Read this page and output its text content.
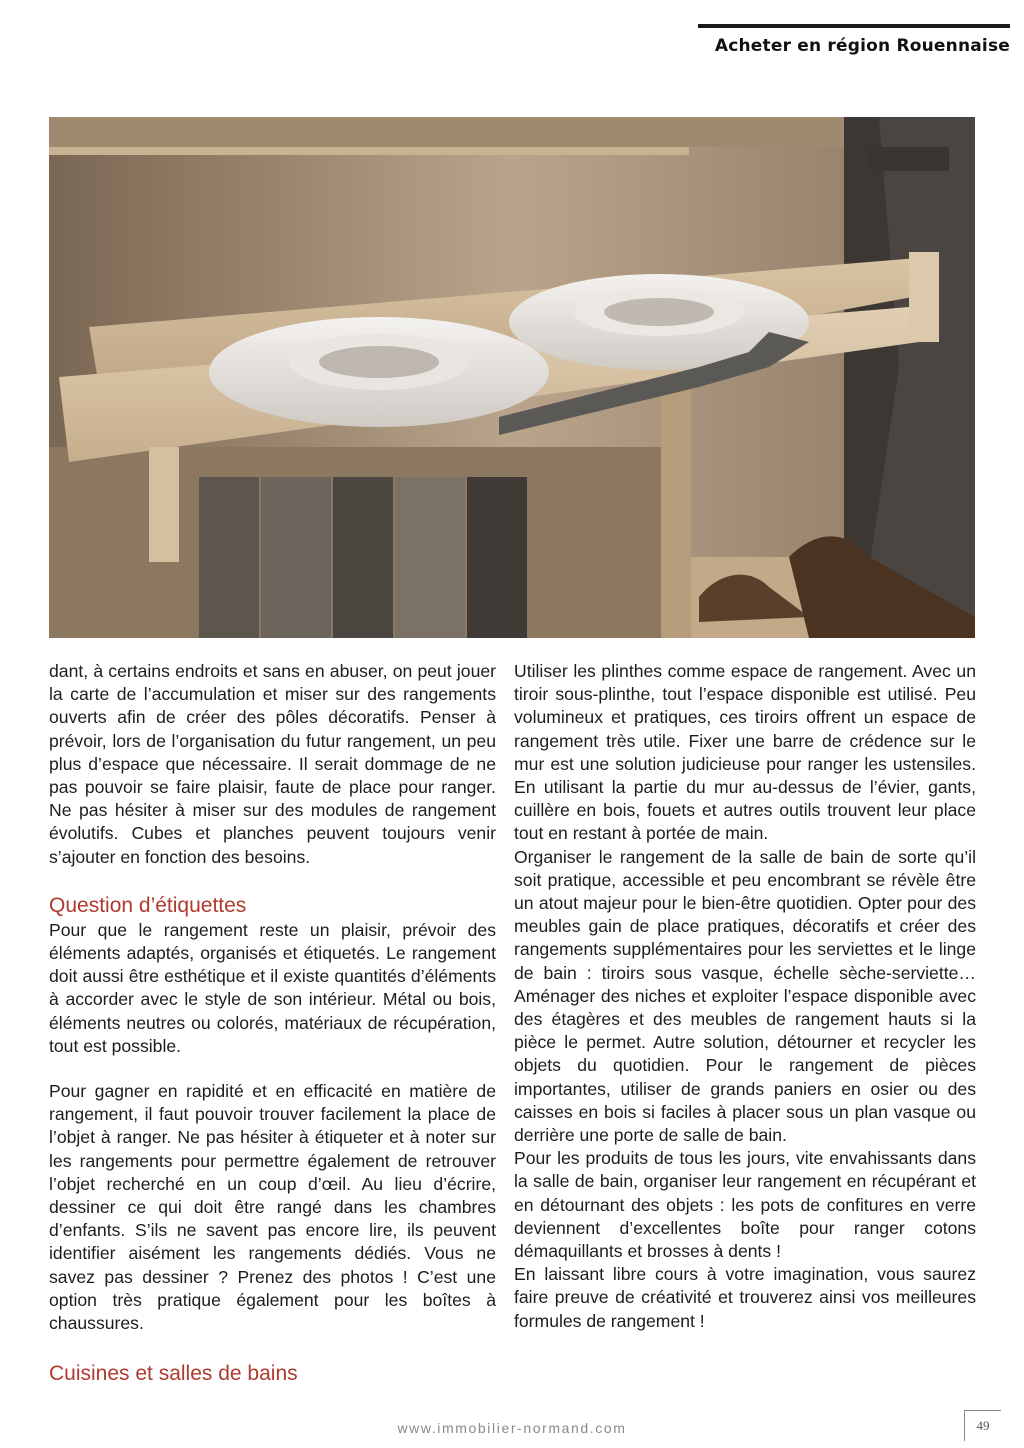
Acheter en région Rouennaise

dant, à certains endroits et sans en abuser, on peut jouer la carte de l’accumulation et miser sur des rangements ouverts afin de créer des pôles décoratifs. Penser à prévoir, lors de l’organisation du futur rangement, un peu plus d’espace que nécessaire. Il serait dommage de ne pas pouvoir se faire plaisir, faute de place pour ranger. Ne pas hésiter à miser sur des modules de rangement évolutifs. Cubes et planches peuvent toujours venir s’ajouter en fonction des besoins.

Question d’étiquettes

Pour que le rangement reste un plaisir, prévoir des éléments adaptés, organisés et étiquetés. Le rangement doit aussi être esthétique et il existe quantités d’éléments à accorder avec le style de son intérieur. Métal ou bois, éléments neutres ou colorés, matériaux de récupération, tout est possible.

Pour gagner en rapidité et en efficacité en matière de rangement, il faut pouvoir trouver facilement la place de l’objet à ranger. Ne pas hésiter à étiqueter et à noter sur les rangements pour permettre également de retrouver l’objet recherché en un coup d’œil. Au lieu d’écrire, dessiner ce qui doit être rangé dans les chambres d’enfants. S’ils ne savent pas encore lire, ils peuvent identifier aisément les rangements dédiés. Vous ne savez pas dessiner ? Prenez des photos ! C’est une option très pratique également pour les boîtes à chaussures.

Cuisines et salles de bains

Utiliser les plinthes comme espace de rangement. Avec un tiroir sous-plinthe, tout l’espace disponible est utilisé. Peu volumineux et pratiques, ces tiroirs offrent un espace de rangement très utile. Fixer une barre de crédence sur le mur est une solution judicieuse pour ranger les ustensiles. En utilisant la partie du mur au-dessus de l’évier, gants, cuillère en bois, fouets et autres outils trouvent leur place tout en restant à portée de main.

Organiser le rangement de la salle de bain de sorte qu’il soit pratique, accessible et peu encombrant se révèle être un atout majeur pour le bien-être quotidien. Opter pour des meubles gain de place pratiques, décoratifs et créer des rangements supplémentaires pour les serviettes et le linge de bain : tiroirs sous vasque, échelle sèche-serviette… Aménager des niches et exploiter l’espace disponible avec des étagères et des meubles de rangement hauts si la pièce le permet. Autre solution, détourner et recycler les objets du quotidien. Pour le rangement de pièces importantes, utiliser de grands paniers en osier ou des caisses en bois si faciles à placer sous un plan vasque ou derrière une porte de salle de bain.

Pour les produits de tous les jours, vite envahissants dans la salle de bain, organiser leur rangement en récupérant et en détournant des objets : les pots de confitures en verre deviennent d’excellentes boîte pour ranger cotons démaquillants et brosses à dents !

En laissant libre cours à votre imagination, vous saurez faire preuve de créativité et trouverez ainsi vos meilleures formules de rangement !

www.immobilier-normand.com	49
